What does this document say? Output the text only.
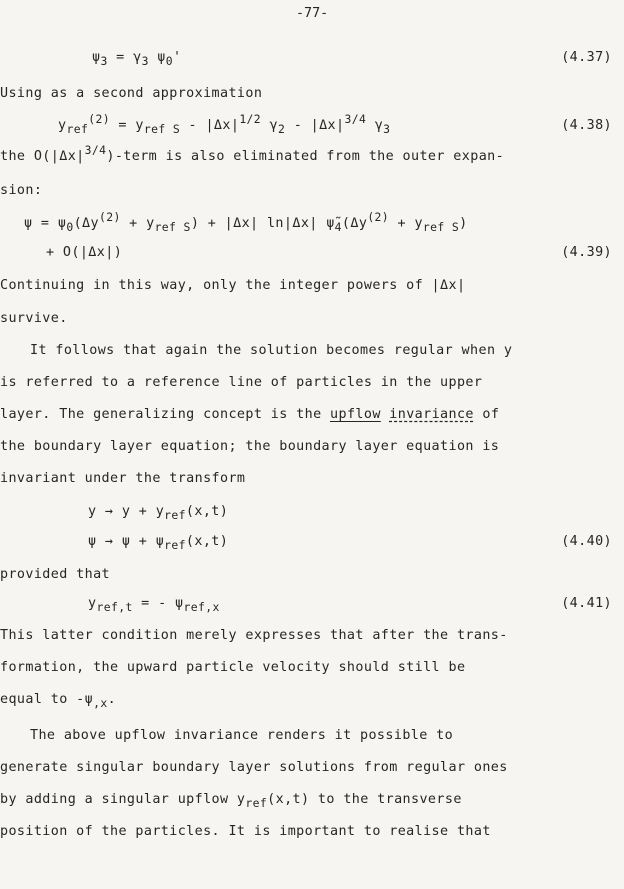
-77-
$\psi_3 = \gamma_3$ $\psi_0'$	(4.37)
Using as a second approximation
$y_{ref}^{(2)} = y_{ref S} - |\Delta x|^{1/2}$ $\gamma_2 - |\Delta x|^{3/4}$ $\gamma_3$	(4.38)
the $O(|\Delta x|^{3/4})$-term is also eliminated from the outer expan-
sion:
$\psi = \psi_0(\Delta y^{(2)} + y_{ref S}) + |\Delta x|$ ln|Δx| $\psĩ_4(\Delta y^{(2)} + y_{ref S})$
+ O(|Δx|)	(4.39)
Continuing in this way, only the integer powers of |Δx|
survive.
It follows that again the solution becomes regular when y
is referred to a reference line of particles in the upper
layer. The generalizing concept is the upflow invariance of
the boundary layer equation; the boundary layer equation is
invariant under the transform
$y \to y + y_{ref}(x,t)$
$\psi \to \psi + \psi_{ref}(x,t)$	(4.40)
provided that
$y_{ref,t}$ = - $\psi_{ref,x}$	(4.41)
This latter condition merely expresses that after the trans-
formation, the upward particle velocity should still be
equal to $-\psi_{,x}$.
The above upflow invariance renders it possible to
generate singular boundary layer solutions from regular ones
by adding a singular upflow $y_{ref}(x,t)$ to the transverse
position of the particles. It is important to realise that
